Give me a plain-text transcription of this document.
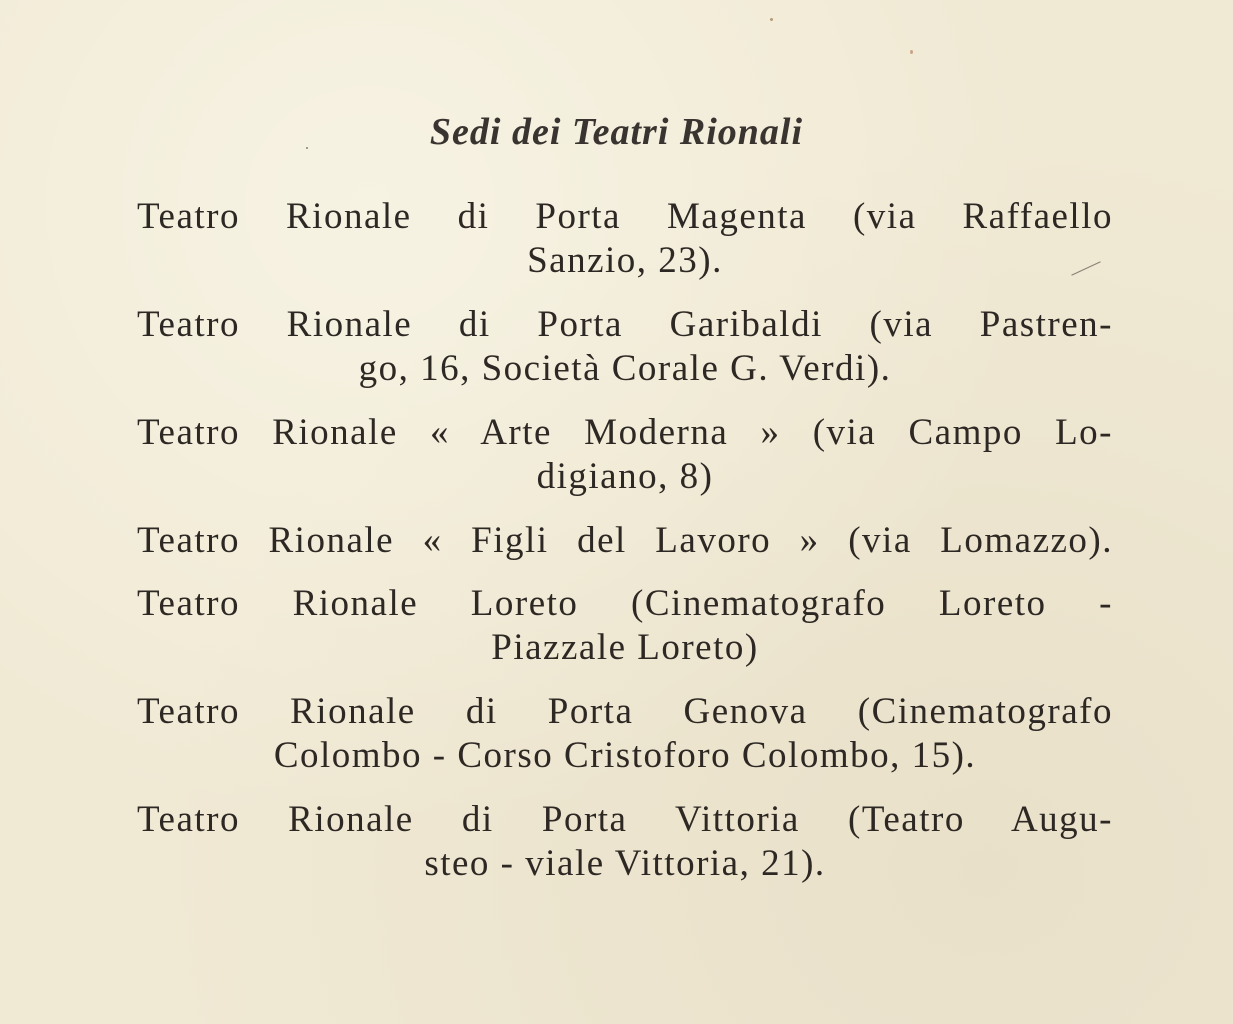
Sedi dei Teatri Rionali
Teatro Rionale di Porta Magenta (via Raffaello
Sanzio, 23).
Teatro Rionale di Porta Garibaldi (via Pastren-
go, 16, Società Corale G. Verdi).
Teatro Rionale « Arte Moderna » (via Campo Lo-
digiano, 8)
Teatro Rionale « Figli del Lavoro » (via Lomazzo).
Teatro Rionale Loreto (Cinematografo Loreto -
Piazzale Loreto)
Teatro Rionale di Porta Genova (Cinematografo
Colombo - Corso Cristoforo Colombo, 15).
Teatro Rionale di Porta Vittoria (Teatro Augu-
steo - viale Vittoria, 21).
